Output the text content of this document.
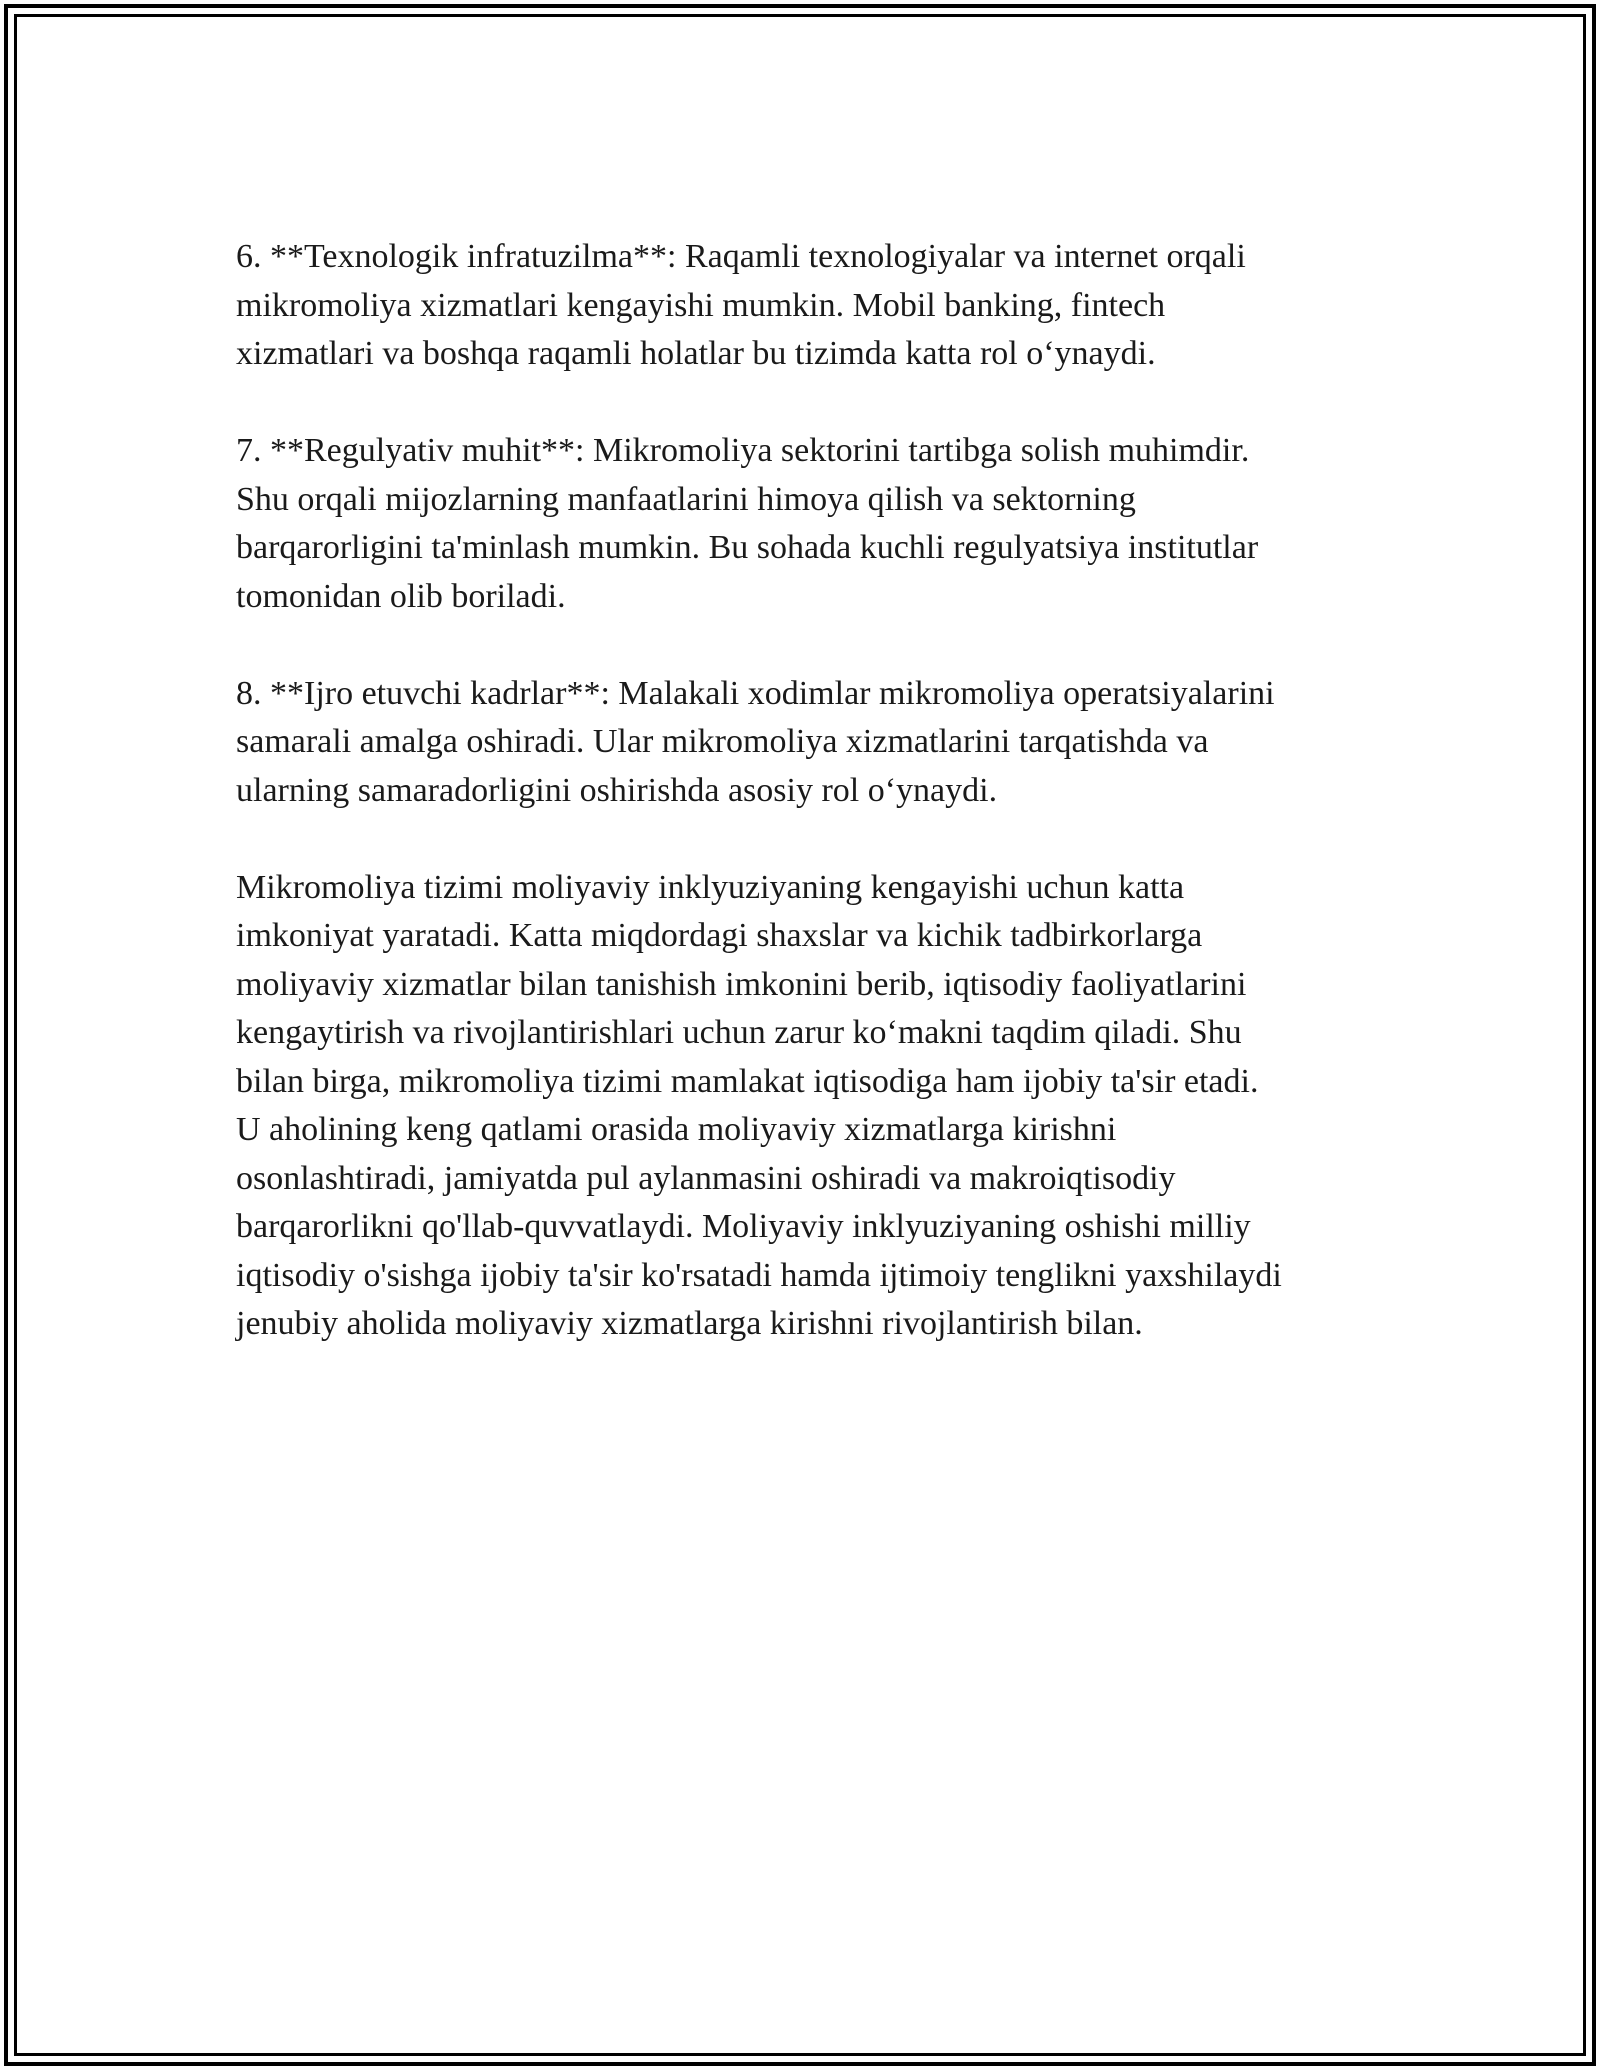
6. **Texnologik infratuzilma**: Raqamli texnologiyalar va internet orqali
mikromoliya xizmatlari kengayishi mumkin. Mobil banking, fintech
xizmatlari va boshqa raqamli holatlar bu tizimda katta rol o‘ynaydi.

7. **Regulyativ muhit**: Mikromoliya sektorini tartibga solish muhimdir.
Shu orqali mijozlarning manfaatlarini himoya qilish va sektorning
barqarorligini ta'minlash mumkin. Bu sohada kuchli regulyatsiya institutlar
tomonidan olib boriladi.

8. **Ijro etuvchi kadrlar**: Malakali xodimlar mikromoliya operatsiyalarini
samarali amalga oshiradi. Ular mikromoliya xizmatlarini tarqatishda va
ularning samaradorligini oshirishda asosiy rol o‘ynaydi.

Mikromoliya tizimi moliyaviy inklyuziyaning kengayishi uchun katta
imkoniyat yaratadi. Katta miqdordagi shaxslar va kichik tadbirkorlarga
moliyaviy xizmatlar bilan tanishish imkonini berib, iqtisodiy faoliyatlarini
kengaytirish va rivojlantirishlari uchun zarur ko‘makni taqdim qiladi. Shu
bilan birga, mikromoliya tizimi mamlakat iqtisodiga ham ijobiy ta'sir etadi.
U aholining keng qatlami orasida moliyaviy xizmatlarga kirishni
osonlashtiradi, jamiyatda pul aylanmasini oshiradi va makroiqtisodiy
barqarorlikni qo'llab-quvvatlaydi. Moliyaviy inklyuziyaning oshishi milliy
iqtisodiy o'sishga ijobiy ta'sir ko'rsatadi hamda ijtimoiy tenglikni yaxshilaydi
jenubiy aholida moliyaviy xizmatlarga kirishni rivojlantirish bilan.
